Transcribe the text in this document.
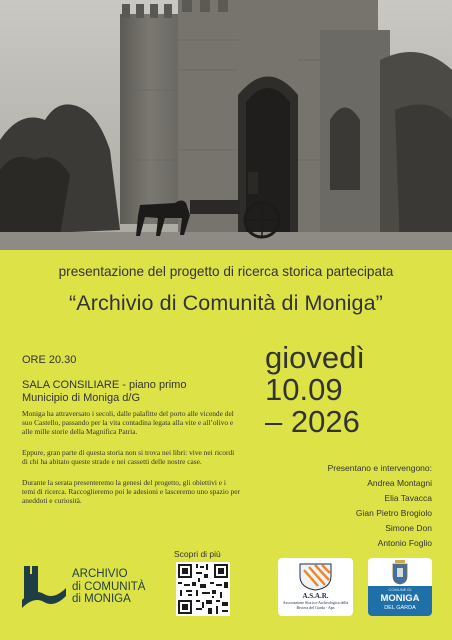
presentazione del progetto di ricerca storica partecipata
“Archivio di Comunità di Moniga”
ORE 20.30
SALA CONSILIARE - piano primo
Municipio di Moniga d/G

Moniga ha attraversato i secoli, dalle palafitte del porto alle vicende del suo Castello, passando per la vita contadina legata alla vite e all’olivo e alle mille storie della Magnifica Patria.

Eppure, gran parte di questa storia non si trova nei libri: vive nei ricordi di chi ha abitato queste strade e nei cassetti delle nostre case.

Durante la serata presenteremo la genesi del progetto, gli obiettivi e i temi di ricerca. Raccoglieremo poi le adesioni e lasceremo uno spazio per aneddoti e curiosità.

giovedì
10.09
– 2026
Presentano e intervengono:
Andrea Montagni
Elia Tavacca
Gian Pietro Brogiolo
Simone Don
Antonio Foglio
ARCHIVIO
di COMUNITÀ
di MONIGA
Scopri di più
A.S.A.R.
Associazione Storico-Archeologica della Riviera del Garda - Aps
COMUNE DI
MONIGA
DEL GARDA
